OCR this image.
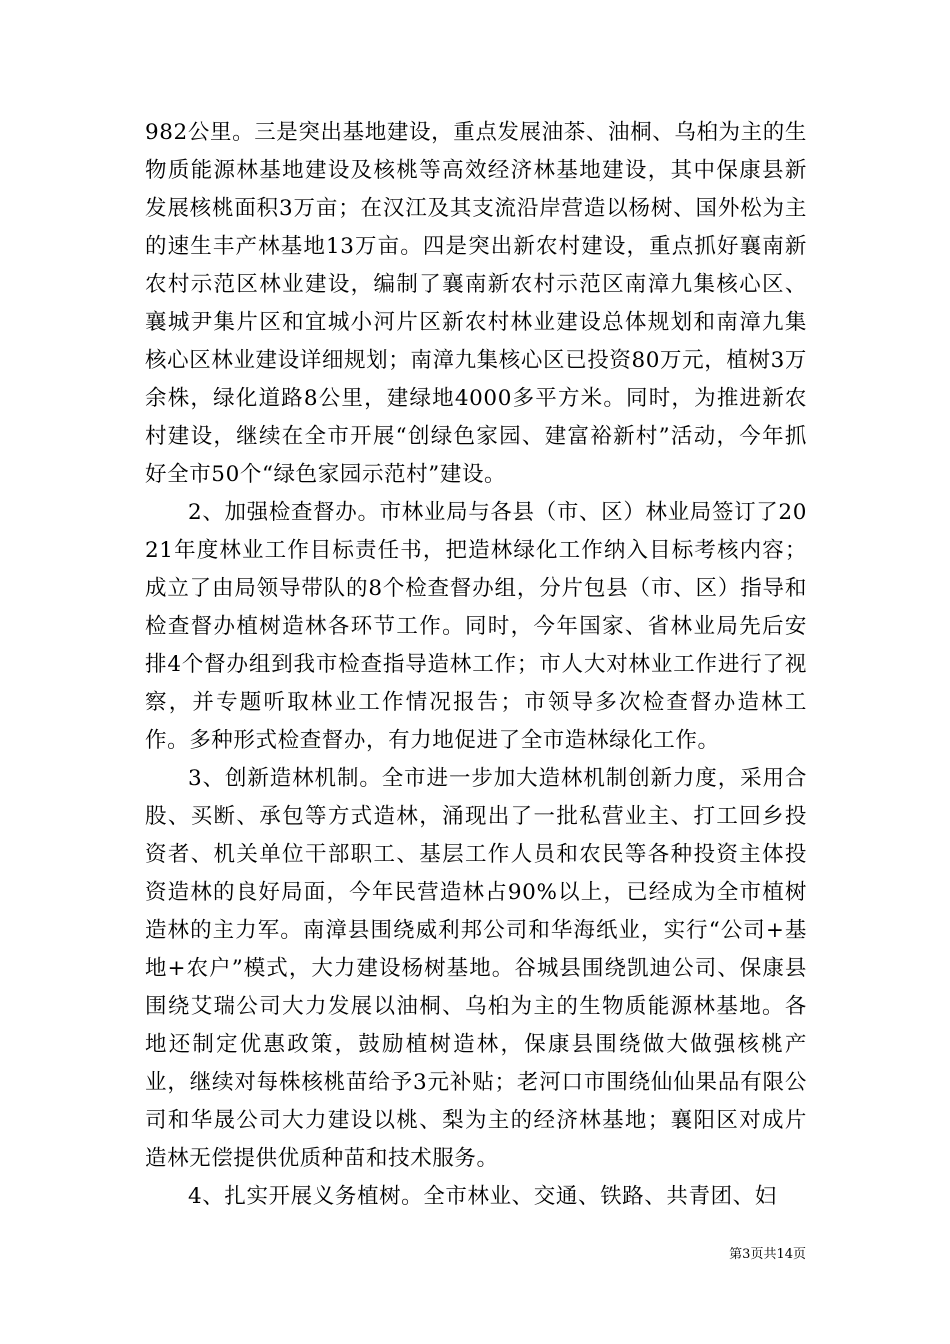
982公里。三是突出基地建设，重点发展油茶、油桐、乌桕为主的生物质能源林基地建设及核桃等高效经济林基地建设，其中保康县新发展核桃面积3万亩；在汉江及其支流沿岸营造以杨树、国外松为主的速生丰产林基地13万亩。四是突出新农村建设，重点抓好襄南新农村示范区林业建设，编制了襄南新农村示范区南漳九集核心区、襄城尹集片区和宜城小河片区新农村林业建设总体规划和南漳九集核心区林业建设详细规划；南漳九集核心区已投资80万元，植树3万余株，绿化道路8公里，建绿地4000多平方米。同时，为推进新农村建设，继续在全市开展“创绿色家园、建富裕新村”活动，今年抓好全市50个“绿色家园示范村”建设。

2、加强检查督办。市林业局与各县（市、区）林业局签订了2021年度林业工作目标责任书，把造林绿化工作纳入目标考核内容；成立了由局领导带队的8个检查督办组，分片包县（市、区）指导和检查督办植树造林各环节工作。同时，今年国家、省林业局先后安排4个督办组到我市检查指导造林工作；市人大对林业工作进行了视察，并专题听取林业工作情况报告；市领导多次检查督办造林工作。多种形式检查督办，有力地促进了全市造林绿化工作。

3、创新造林机制。全市进一步加大造林机制创新力度，采用合股、买断、承包等方式造林，涌现出了一批私营业主、打工回乡投资者、机关单位干部职工、基层工作人员和农民等各种投资主体投资造林的良好局面，今年民营造林占90%以上，已经成为全市植树造林的主力军。南漳县围绕威利邦公司和华海纸业，实行“公司+基地+农户”模式，大力建设杨树基地。谷城县围绕凯迪公司、保康县围绕艾瑞公司大力发展以油桐、乌桕为主的生物质能源林基地。各地还制定优惠政策，鼓励植树造林，保康县围绕做大做强核桃产业，继续对每株核桃苗给予3元补贴；老河口市围绕仙仙果品有限公司和华晟公司大力建设以桃、梨为主的经济林基地；襄阳区对成片造林无偿提供优质种苗和技术服务。

4、扎实开展义务植树。全市林业、交通、铁路、共青团、妇

第3页共14页
